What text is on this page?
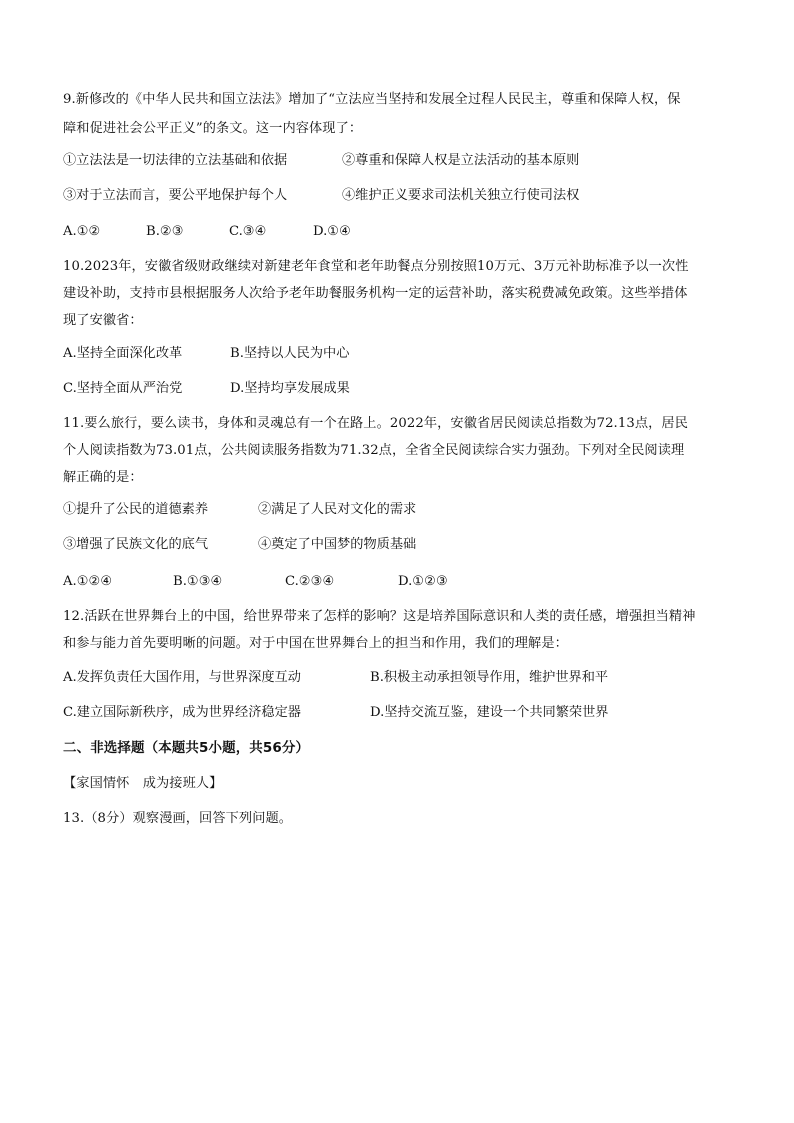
9.新修改的《中华人民共和国立法法》增加了“立法应当坚持和发展全过程人民民主，尊重和保障人权，保
障和促进社会公平正义”的条文。这一内容体现了：
①立法法是一切法律的立法基础和依据	②尊重和保障人权是立法活动的基本原则
③对于立法而言，要公平地保护每个人	④维护正义要求司法机关独立行使司法权
A.①②	B.②③	C.③④	D.①④
10.2023年，安徽省级财政继续对新建老年食堂和老年助餐点分别按照10万元、3万元补助标准予以一次性
建设补助，支持市县根据服务人次给予老年助餐服务机构一定的运营补助，落实税费减免政策。这些举措体
现了安徽省：
A.坚持全面深化改革	B.坚持以人民为中心
C.坚持全面从严治党	D.坚持均享发展成果
11.要么旅行，要么读书，身体和灵魂总有一个在路上。2022年，安徽省居民阅读总指数为72.13点，居民
个人阅读指数为73.01点，公共阅读服务指数为71.32点，全省全民阅读综合实力强劲。下列对全民阅读理
解正确的是：
①提升了公民的道德素养	②满足了人民对文化的需求
③增强了民族文化的底气	④奠定了中国梦的物质基础
A.①②④	B.①③④	C.②③④	D.①②③
12.活跃在世界舞台上的中国，给世界带来了怎样的影响？这是培养国际意识和人类的责任感，增强担当精神
和参与能力首先要明晰的问题。对于中国在世界舞台上的担当和作用，我们的理解是：
A.发挥负责任大国作用，与世界深度互动	B.积极主动承担领导作用，维护世界和平
C.建立国际新秩序，成为世界经济稳定器	D.坚持交流互鉴，建设一个共同繁荣世界
二、非选择题（本题共5小题，共56分）
【家国情怀　成为接班人】
13.（8分）观察漫画，回答下列问题。
